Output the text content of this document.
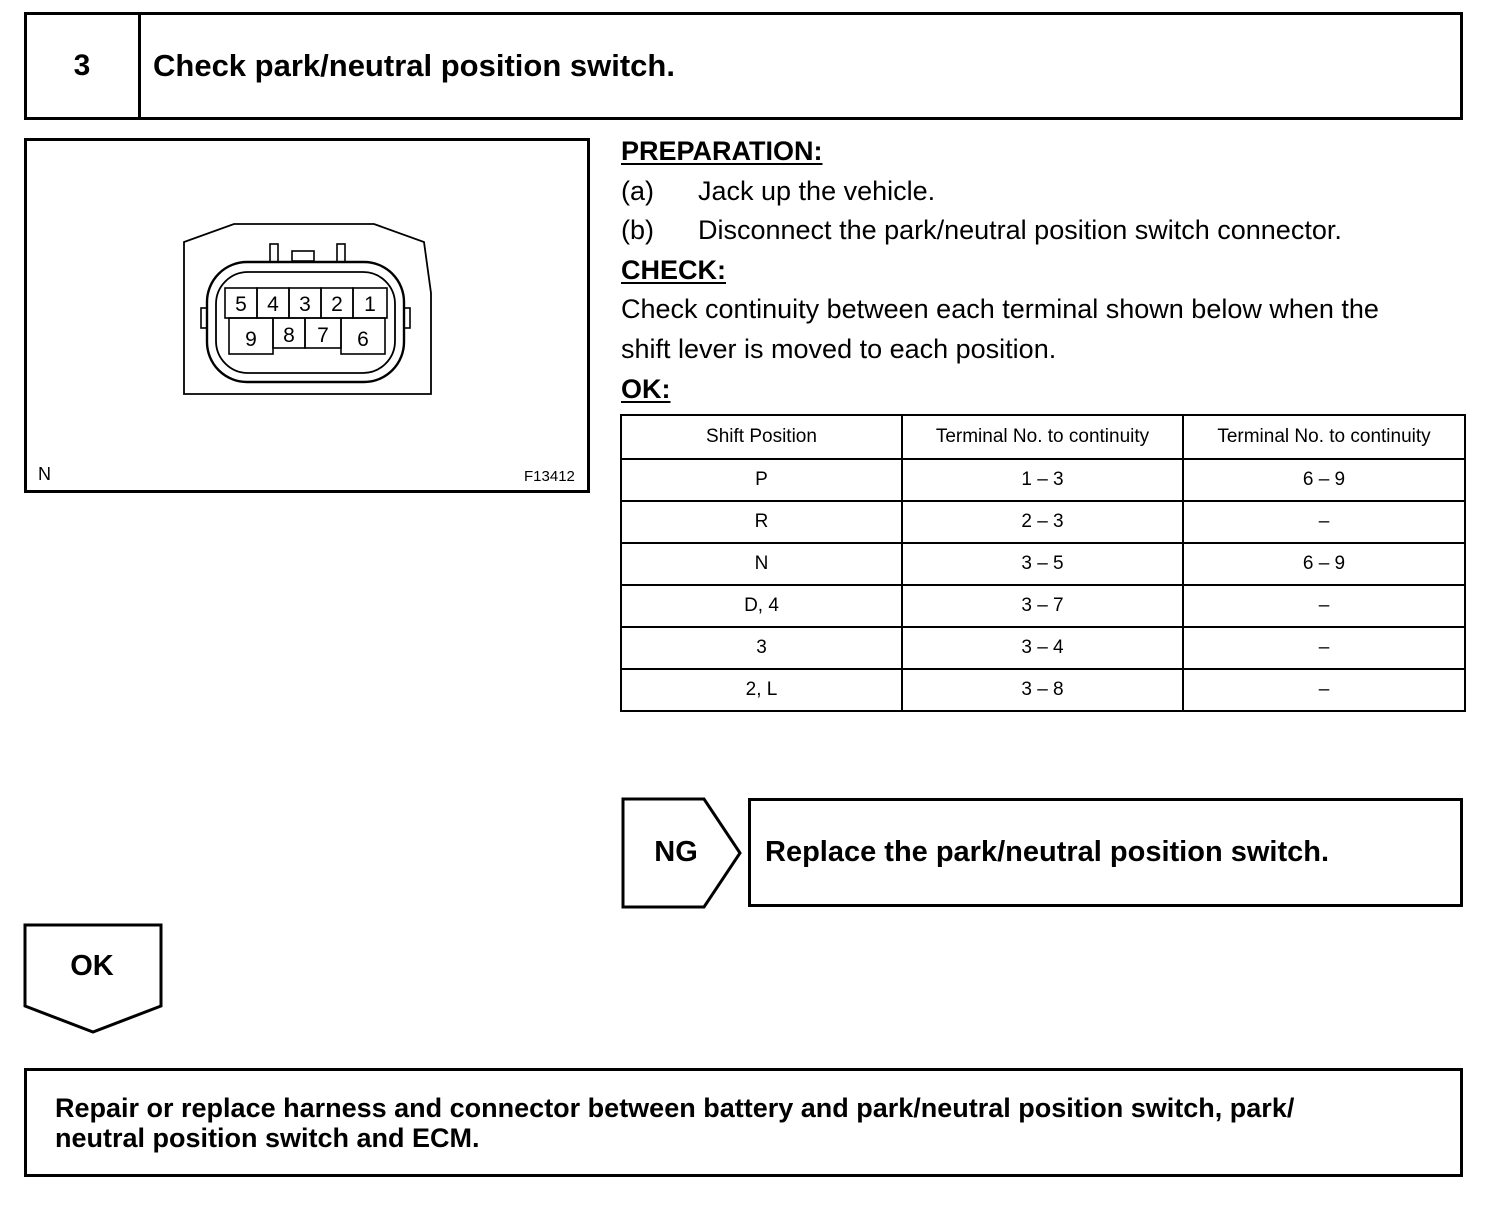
3	Check park/neutral position switch.
5 4 3 2 1
9 8 7 6
N	F13412
PREPARATION:
(a) Jack up the vehicle.
(b) Disconnect the park/neutral position switch connector.
CHECK:
Check continuity between each terminal shown below when the
shift lever is moved to each position.
OK:
Shift Position	Terminal No. to continuity	Terminal No. to continuity
P	1 – 3	6 – 9
R	2 – 3	–
N	3 – 5	6 – 9
D, 4	3 – 7	–
3	3 – 4	–
2, L	3 – 8	–
NG	Replace the park/neutral position switch.
OK
Repair or replace harness and connector between battery and park/neutral position switch, park/
neutral position switch and ECM.
